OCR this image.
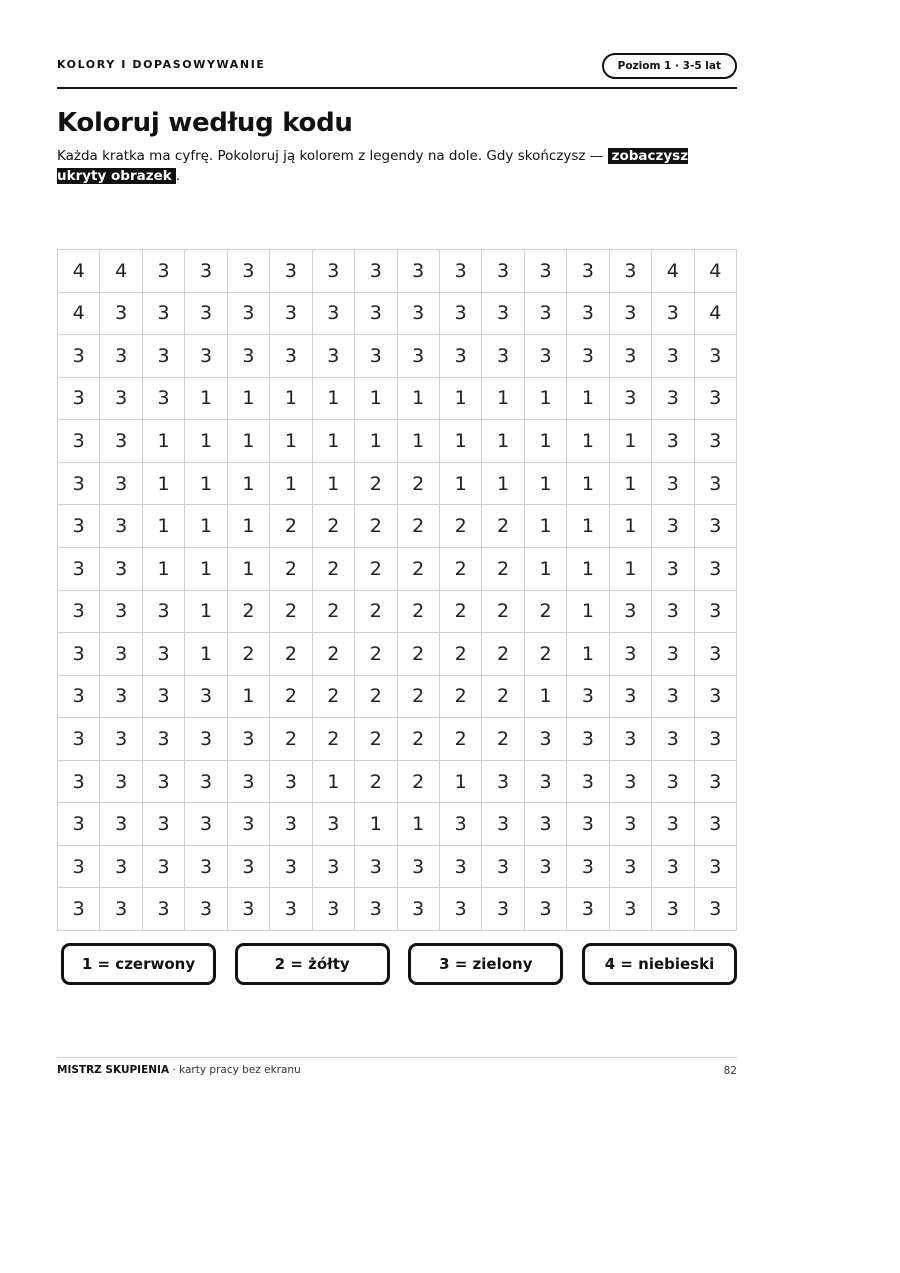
KOLORY I DOPASOWYWANIE	Poziom 1 · 3-5 lat
Koloruj według kodu
Każda kratka ma cyfrę. Pokoloruj ją kolorem z legendy na dole. Gdy skończysz — zobaczysz ukryty obrazek .
4	4	3	3	3	3	3	3	3	3	3	3	3	3	4	4
4	3	3	3	3	3	3	3	3	3	3	3	3	3	3	4
3	3	3	3	3	3	3	3	3	3	3	3	3	3	3	3
3	3	3	1	1	1	1	1	1	1	1	1	1	3	3	3
3	3	1	1	1	1	1	1	1	1	1	1	1	1	3	3
3	3	1	1	1	1	1	2	2	1	1	1	1	1	3	3
3	3	1	1	1	2	2	2	2	2	2	1	1	1	3	3
3	3	1	1	1	2	2	2	2	2	2	1	1	1	3	3
3	3	3	1	2	2	2	2	2	2	2	2	1	3	3	3
3	3	3	1	2	2	2	2	2	2	2	2	1	3	3	3
3	3	3	3	1	2	2	2	2	2	2	1	3	3	3	3
3	3	3	3	3	2	2	2	2	2	2	3	3	3	3	3
3	3	3	3	3	3	1	2	2	1	3	3	3	3	3	3
3	3	3	3	3	3	3	1	1	3	3	3	3	3	3	3
3	3	3	3	3	3	3	3	3	3	3	3	3	3	3	3
3	3	3	3	3	3	3	3	3	3	3	3	3	3	3	3
1 = czerwony	2 = żółty	3 = zielony	4 = niebieski
MISTRZ SKUPIENIA · karty pracy bez ekranu	82
